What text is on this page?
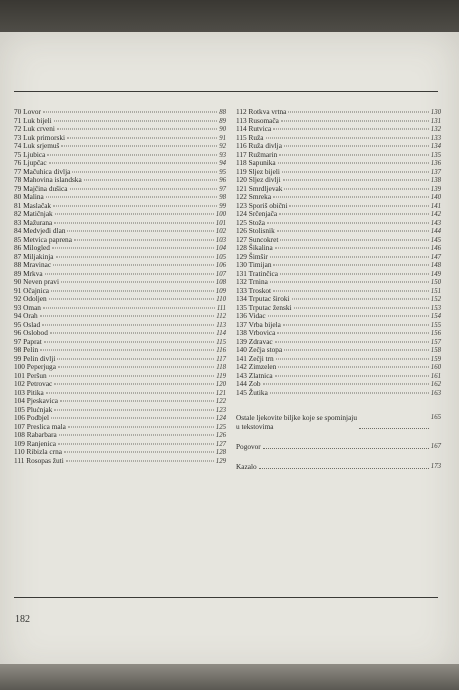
70 Lovor	88
71 Luk bijeli	89
72 Luk crveni	90
73 Luk primorski	91
74 Luk srjemuš	92
75 Ljubica	93
76 Ljupčac	94
77 Mačuhica divlja	95
78 Mahovina islandska	96
79 Majčina dušica	97
80 Malina	98
81 Maslačak	99
82 Matičnjak	100
83 Mažurana	101
84 Medvjeđi dlan	102
85 Metvica paprena	103
86 Milogled	104
87 Miljakinja	105
88 Mravinac	106
89 Mrkva	107
90 Neven pravi	108
91 Očajnica	109
92 Odoljen	110
93 Oman	111
94 Orah	112
95 Oslad	113
96 Oslobod	114
97 Paprat	115
98 Pelin	116
99 Pelin divlji	117
100 Peperjuga	118
101 Peršun	119
102 Petrovac	120
103 Pitika	121
104 Pjeskavica	122
105 Plućnjak	123
106 Podbjel	124
107 Preslica mala	125
108 Rabarbara	126
109 Ranjenica	127
110 Ribizla crna	128
111 Rosopas žuti	129
112 Rotkva vrtna	130
113 Rusomača	131
114 Rutvica	132
115 Ruža	133
116 Ruža divlja	134
117 Ružmarin	135
118 Sapunika	136
119 Sljez bijeli	137
120 Sljez divlji	138
121 Smrdljevak	139
122 Smreka	140
123 Sporiš obični	141
124 Srčenjača	142
125 Stoža	143
126 Stolisnik	144
127 Suncokret	145
128 Šikalina	146
129 Šimšir	147
130 Timijan	148
131 Tratinčica	149
132 Trnina	150
133 Troskot	151
134 Trputac široki	152
135 Trputac ženski	153
136 Vidac	154
137 Vrba bijela	155
138 Vrbovica	156
139 Zdravac	157
140 Zečja stopa	158
141 Zečji trn	159
142 Zimzelen	160
143 Zlatnica	161
144 Zob	162
145 Žutika	163
Ostale ljekovite biljke koje se spominjaju
u tekstovima
165
Pogovor	167
Kazalo	173
182
